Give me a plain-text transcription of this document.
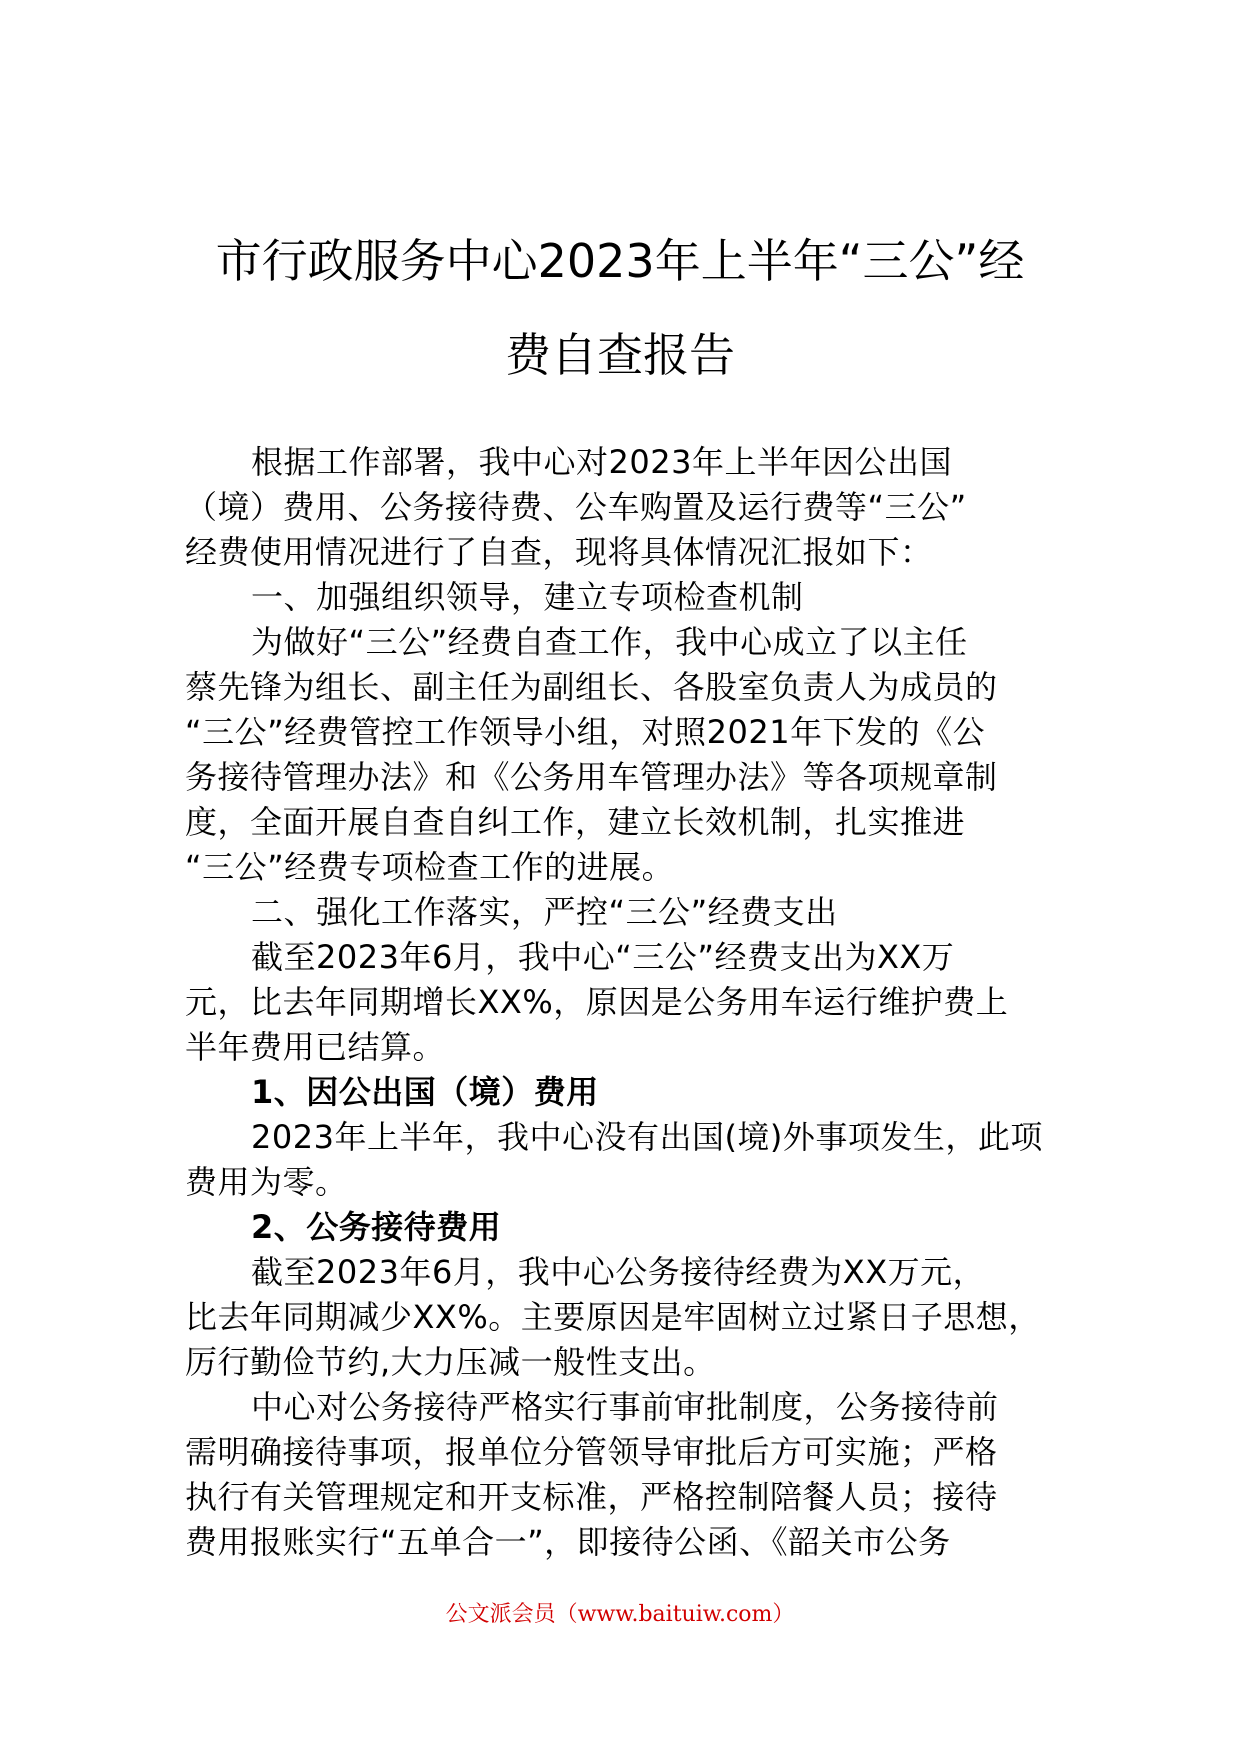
市行政服务中心2023年上半年“三公”经
费自查报告
根据工作部署，我中心对2023年上半年因公出国
（境）费用、公务接待费、公车购置及运行费等“三公”
经费使用情况进行了自查，现将具体情况汇报如下：
一、加强组织领导，建立专项检查机制
为做好“三公”经费自查工作，我中心成立了以主任
蔡先锋为组长、副主任为副组长、各股室负责人为成员的
“三公”经费管控工作领导小组，对照2021年下发的《公
务接待管理办法》和《公务用车管理办法》等各项规章制
度，全面开展自查自纠工作，建立长效机制，扎实推进
“三公”经费专项检查工作的进展。
二、强化工作落实，严控“三公”经费支出
截至2023年6月，我中心“三公”经费支出为XX万
元，比去年同期增长XX%，原因是公务用车运行维护费上
半年费用已结算。
1、因公出国（境）费用
2023年上半年，我中心没有出国(境)外事项发生，此项
费用为零。
2、公务接待费用
截至2023年6月，我中心公务接待经费为XX万元，
比去年同期减少XX%。主要原因是牢固树立过紧日子思想，
厉行勤俭节约,大力压减一般性支出。
中心对公务接待严格实行事前审批制度，公务接待前
需明确接待事项，报单位分管领导审批后方可实施；严格
执行有关管理规定和开支标准，严格控制陪餐人员；接待
费用报账实行“五单合一”，即接待公函、《韶关市公务
公文派会员（www.baituiw.com）
